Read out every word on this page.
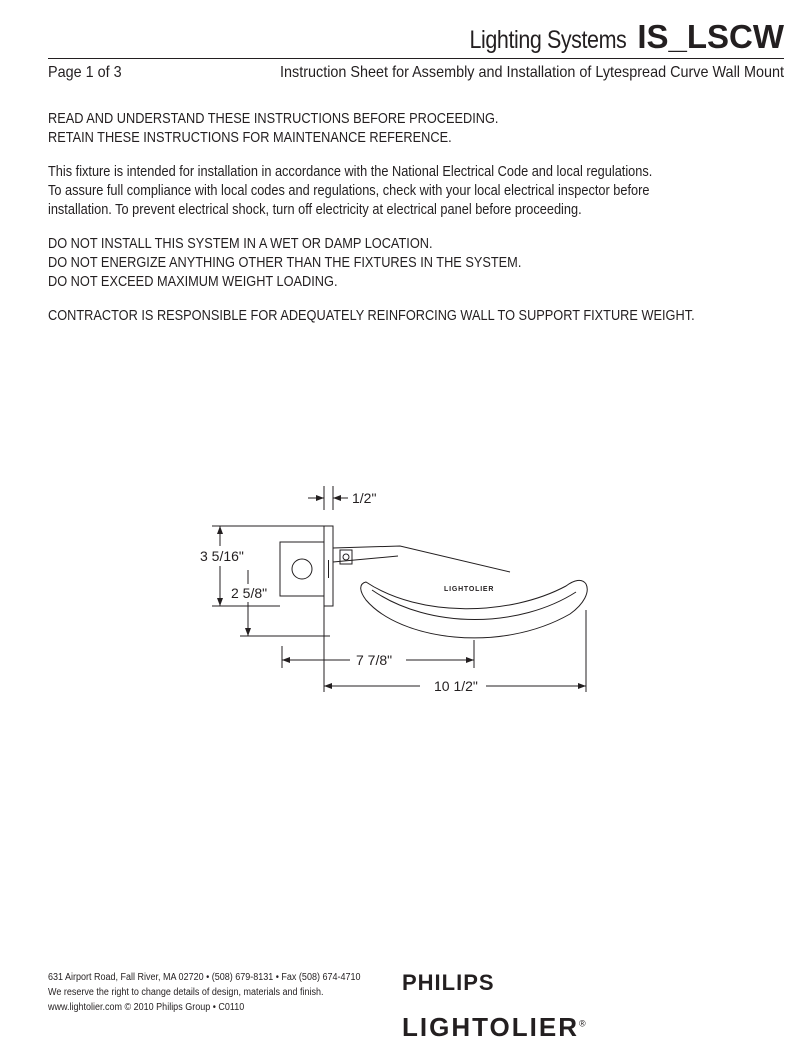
Lighting Systems IS_LSCW
Page 1 of 3	Instruction Sheet for Assembly and Installation of Lytespread Curve Wall Mount

READ AND UNDERSTAND THESE INSTRUCTIONS BEFORE PROCEEDING.
RETAIN THESE INSTRUCTIONS FOR MAINTENANCE REFERENCE.

This fixture is intended for installation in accordance with the National Electrical Code and local regulations.
To assure full compliance with local codes and regulations, check with your local electrical inspector before
installation. To prevent electrical shock, turn off electricity at electrical panel before proceeding.

DO NOT INSTALL THIS SYSTEM IN A WET OR DAMP LOCATION.
DO NOT ENERGIZE ANYTHING OTHER THAN THE FIXTURES IN THE SYSTEM.
DO NOT EXCEED MAXIMUM WEIGHT LOADING.

CONTRACTOR IS RESPONSIBLE FOR ADEQUATELY REINFORCING WALL TO SUPPORT FIXTURE WEIGHT.

1/2"
3 5/16"
2 5/8"
7 7/8"
10 1/2"
LIGHTOLIER
631 Airport Road, Fall River, MA 02720 • (508) 679-8131 • Fax (508) 674-4710
We reserve the right to change details of design, materials and finish.
www.lightolier.com © 2010 Philips Group • C0110
PHILIPS
LIGHTOLIER®
